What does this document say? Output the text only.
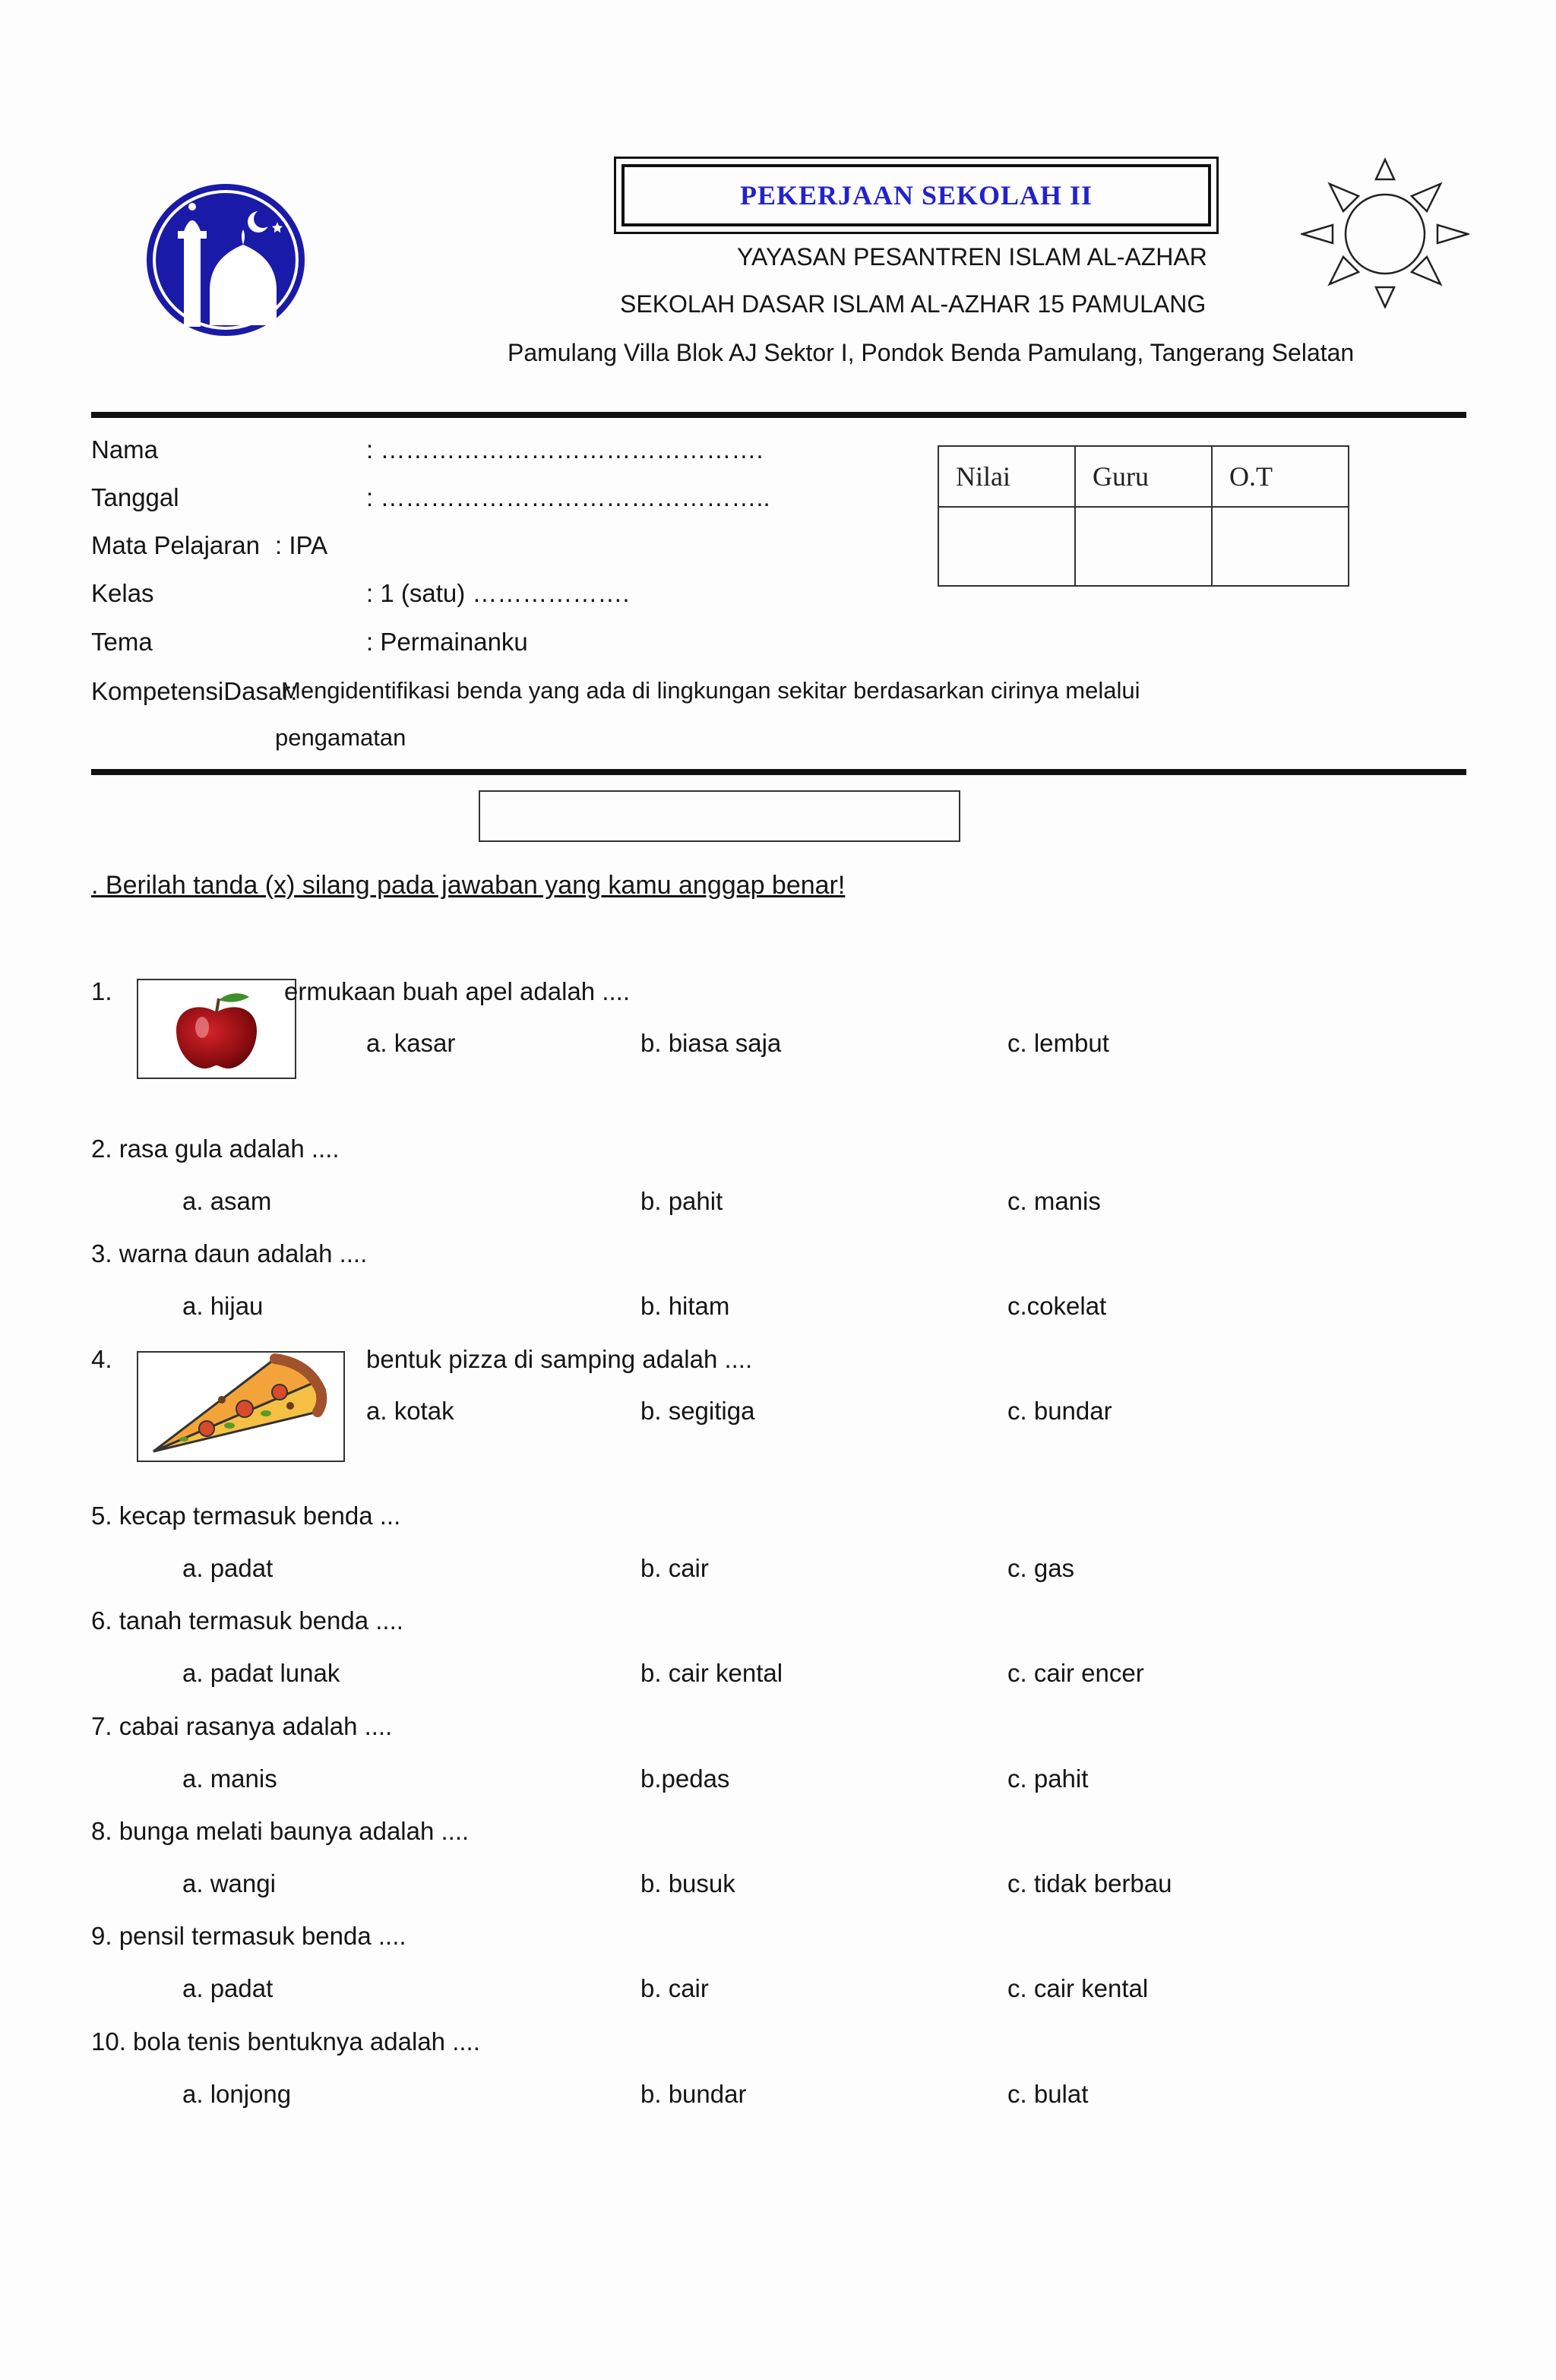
PEKERJAAN SEKOLAH II
YAYASAN PESANTREN ISLAM AL-AZHAR
SEKOLAH DASAR ISLAM AL-AZHAR 15 PAMULANG
Pamulang Villa Blok AJ Sektor I, Pondok Benda Pamulang, Tangerang Selatan
Nama	: ……………………………………….
Tanggal	: ………………………………………..
Mata Pelajaran : IPA
Kelas	: 1 (satu) ……………….
Tema	: Permainanku
KompetensiDasar:
Mengidentifikasi benda yang ada di lingkungan sekitar berdasarkan cirinya melalui
pengamatan
Nilai	Guru	O.T

. Berilah tanda (x) silang pada jawaban yang kamu anggap benar!
1.	ermukaan buah apel adalah ....
a. kasar	b. biasa saja	c. lembut
2. rasa gula adalah ....
a. asam	b. pahit	c. manis
3. warna daun adalah ....
a. hijau	b. hitam	c.cokelat
4.	bentuk pizza di samping adalah ....
a. kotak	b. segitiga	c. bundar
5. kecap termasuk benda ...
a. padat	b. cair	c. gas
6. tanah termasuk benda ....
a. padat lunak	b. cair kental	c. cair encer
7. cabai rasanya adalah ....
a. manis	b.pedas	c. pahit
8. bunga melati baunya adalah ....
a. wangi	b. busuk	c. tidak berbau
9. pensil termasuk benda ....
a. padat	b. cair	c. cair kental
10. bola tenis bentuknya adalah ....
a. lonjong	b. bundar	c. bulat
